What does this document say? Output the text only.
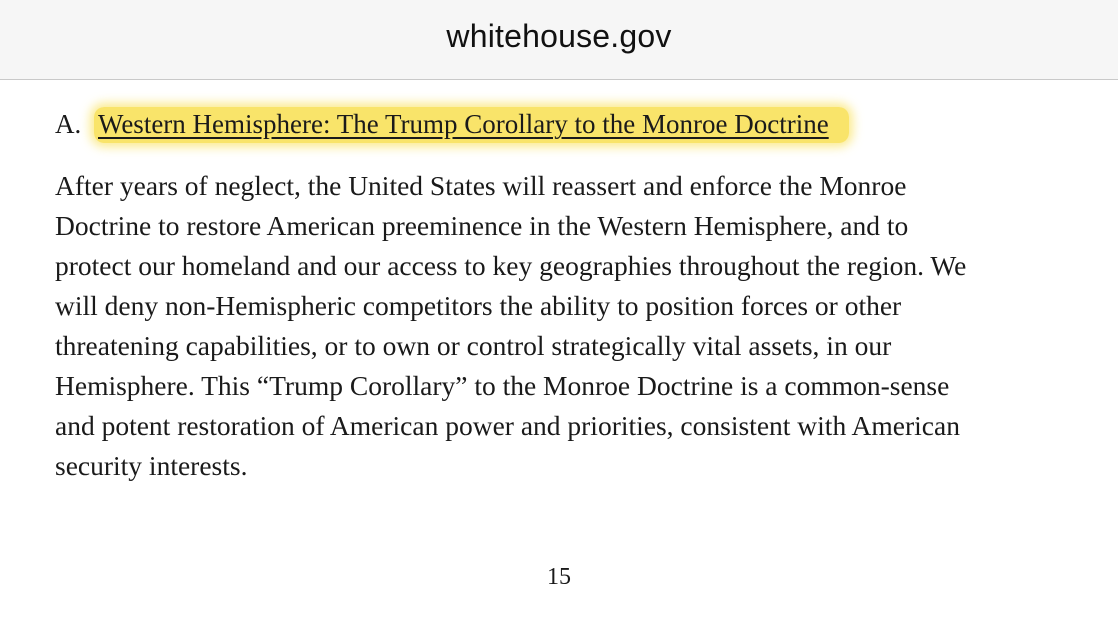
whitehouse.gov
A. Western Hemisphere: The Trump Corollary to the Monroe Doctrine

After years of neglect, the United States will reassert and enforce the Monroe
Doctrine to restore American preeminence in the Western Hemisphere, and to
protect our homeland and our access to key geographies throughout the region. We
will deny non-Hemispheric competitors the ability to position forces or other
threatening capabilities, or to own or control strategically vital assets, in our
Hemisphere. This “Trump Corollary” to the Monroe Doctrine is a common-sense
and potent restoration of American power and priorities, consistent with American
security interests.

15
